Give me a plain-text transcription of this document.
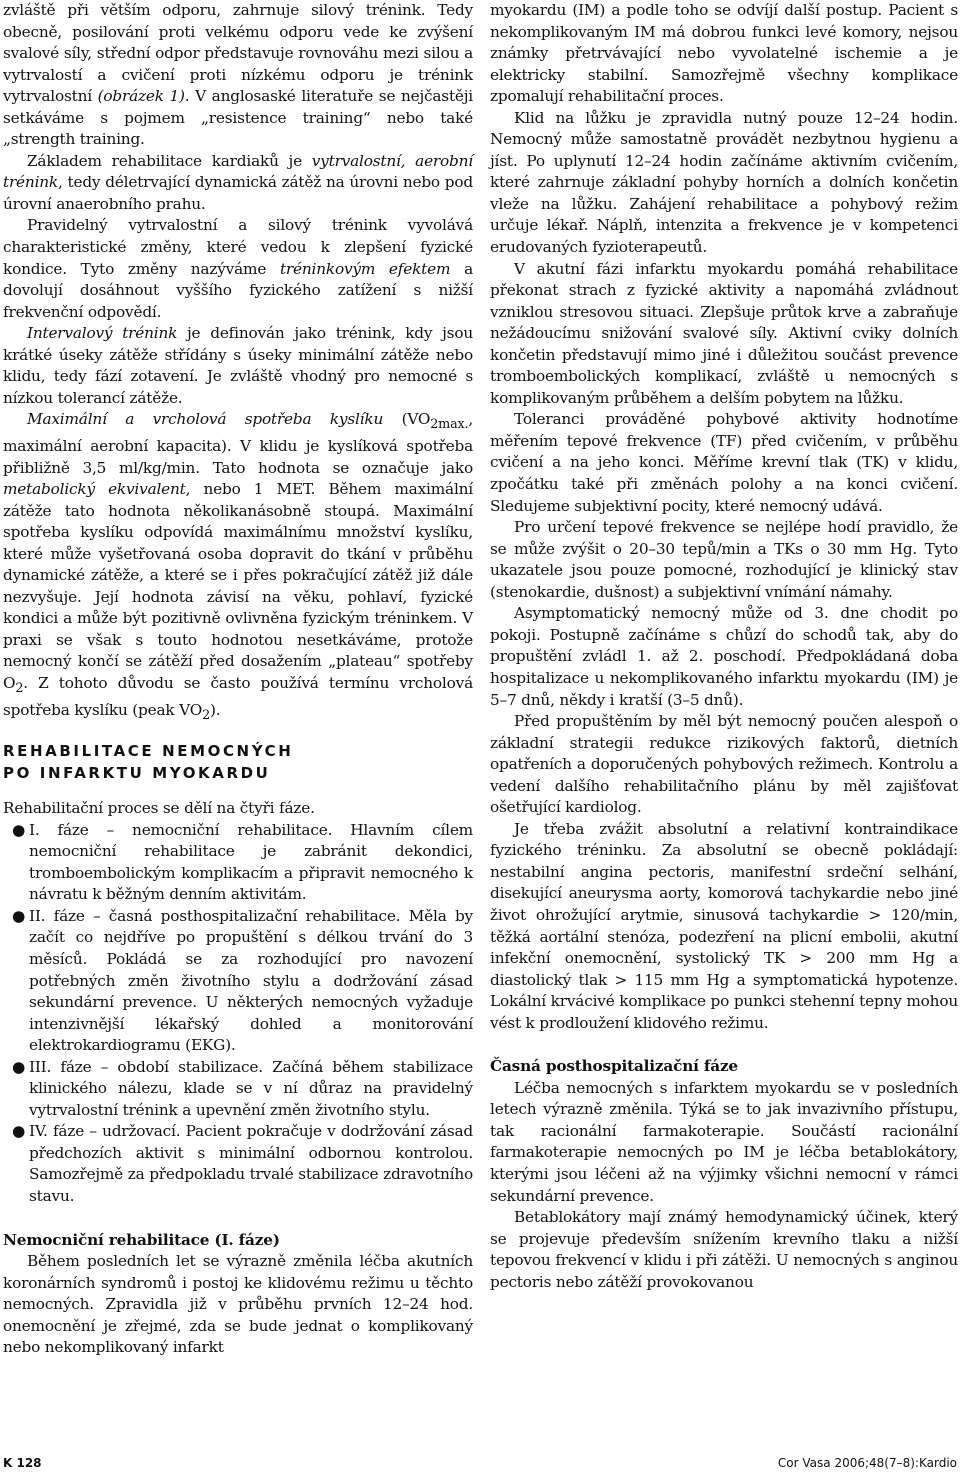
zvláště při větším odporu, zahrnuje silový trénink. Tedy obecně, posilování proti velkému odporu vede ke zvýšení svalové síly, střední odpor představuje rovnováhu mezi silou a vytrvalostí a cvičení proti nízkému odporu je trénink vytrvalostní (obrázek 1). V anglosaské literatuře se nejčastěji setkáváme s pojmem „resistence training“ nebo také „strength training.

Základem rehabilitace kardiaků je vytrvalostní, aerobní trénink, tedy déletrvající dynamická zátěž na úrovni nebo pod úrovní anaerobního prahu.

Pravidelný vytrvalostní a silový trénink vyvolává charakteristické změny, které vedou k zlepšení fyzické kondice. Tyto změny nazýváme tréninkovým efektem a dovolují dosáhnout vyššího fyzického zatížení s nižší frekvenční odpovědí.

Intervalový trénink je definován jako trénink, kdy jsou krátké úseky zátěže střídány s úseky minimální zátěže nebo klidu, tedy fází zotavení. Je zvláště vhodný pro nemocné s nízkou tolerancí zátěže.

Maximální a vrcholová spotřeba kyslíku ($VO_{2max.}$, maximální aerobní kapacita). V klidu je kyslíková spotřeba přibližně 3,5 ml/kg/min. Tato hodnota se označuje jako metabolický ekvivalent, nebo 1 MET. Během maximální zátěže tato hodnota několikanásobně stoupá. Maximální spotřeba kyslíku odpovídá maximálnímu množství kyslíku, které může vyšetřovaná osoba dopravit do tkání v průběhu dynamické zátěže, a které se i přes pokračující zátěž již dále nezvyšuje. Její hodnota závisí na věku, pohlaví, fyzické kondici a může být pozitivně ovlivněna fyzickým tréninkem. V praxi se však s touto hodnotou nesetkáváme, protože nemocný končí se zátěží před dosažením „plateau“ spotřeby $O_2$. Z tohoto důvodu se často používá termínu vrcholová spotřeba kyslíku (peak $VO_2$).

REHABILITACE NEMOCNÝCH
PO INFARKTU MYOKARDU

Rehabilitační proces se dělí na čtyři fáze.

● I. fáze – nemocniční rehabilitace. Hlavním cílem nemocniční rehabilitace je zabránit dekondici, tromboembolickým komplikacím a připravit nemocného k návratu k běžným denním aktivitám.
● II. fáze – časná posthospitalizační rehabilitace. Měla by začít co nejdříve po propuštění s délkou trvání do 3 měsíců. Pokládá se za rozhodující pro navození potřebných změn životního stylu a dodržování zásad sekundární prevence. U některých nemocných vyžaduje intenzivnější lékařský dohled a monitorování elektrokardiogramu (EKG).
● III. fáze – období stabilizace. Začíná během stabilizace klinického nálezu, klade se v ní důraz na pravidelný vytrvalostní trénink a upevnění změn životního stylu.
● IV. fáze – udržovací. Pacient pokračuje v dodržování zásad předchozích aktivit s minimální odbornou kontrolou. Samozřejmě za předpokladu trvalé stabilizace zdravotního stavu.

Nemocniční rehabilitace (I. fáze)

Během posledních let se výrazně změnila léčba akutních koronárních syndromů i postoj ke klidovému režimu u těchto nemocných. Zpravidla již v průběhu prvních 12–24 hod. onemocnění je zřejmé, zda se bude jednat o komplikovaný nebo nekomplikovaný infarkt

myokardu (IM) a podle toho se odvíjí další postup. Pacient s nekomplikovaným IM má dobrou funkci levé komory, nejsou známky přetrvávající nebo vyvolatelné ischemie a je elektricky stabilní. Samozřejmě všechny komplikace zpomalují rehabilitační proces.

Klid na lůžku je zpravidla nutný pouze 12–24 hodin. Nemocný může samostatně provádět nezbytnou hygienu a jíst. Po uplynutí 12–24 hodin začínáme aktivním cvičením, které zahrnuje základní pohyby horních a dolních končetin vleže na lůžku. Zahájení rehabilitace a pohybový režim určuje lékař. Náplň, intenzita a frekvence je v kompetenci erudovaných fyzioterapeutů.

V akutní fázi infarktu myokardu pomáhá rehabilitace překonat strach z fyzické aktivity a napomáhá zvládnout vzniklou stresovou situaci. Zlepšuje průtok krve a zabraňuje nežádoucímu snižování svalové síly. Aktivní cviky dolních končetin představují mimo jiné i důležitou součást prevence tromboembolických komplikací, zvláště u nemocných s komplikovaným průběhem a delším pobytem na lůžku.

Toleranci prováděné pohybové aktivity hodnotíme měřením tepové frekvence (TF) před cvičením, v průběhu cvičení a na jeho konci. Měříme krevní tlak (TK) v klidu, zpočátku také při změnách polohy a na konci cvičení. Sledujeme subjektivní pocity, které nemocný udává.

Pro určení tepové frekvence se nejlépe hodí pravidlo, že se může zvýšit o 20–30 tepů/min a TKs o 30 mm Hg. Tyto ukazatele jsou pouze pomocné, rozhodující je klinický stav (stenokardie, dušnost) a subjektivní vnímání námahy.

Asymptomatický nemocný může od 3. dne chodit po pokoji. Postupně začínáme s chůzí do schodů tak, aby do propuštění zvládl 1. až 2. poschodí. Předpokládaná doba hospitalizace u nekomplikovaného infarktu myokardu (IM) je 5–7 dnů, někdy i kratší (3–5 dnů).

Před propuštěním by měl být nemocný poučen alespoň o základní strategii redukce rizikových faktorů, dietních opatřeních a doporučených pohybových režimech. Kontrolu a vedení dalšího rehabilitačního plánu by měl zajišťovat ošetřující kardiolog.

Je třeba zvážit absolutní a relativní kontraindikace fyzického tréninku. Za absolutní se obecně pokládají: nestabilní angina pectoris, manifestní srdeční selhání, disekující aneurysma aorty, komorová tachykardie nebo jiné život ohrožující arytmie, sinusová tachykardie > 120/min, těžká aortální stenóza, podezření na plicní embolii, akutní infekční onemocnění, systolický TK > 200 mm Hg a diastolický tlak > 115 mm Hg a symptomatická hypotenze. Lokální krvácivé komplikace po punkci stehenní tepny mohou vést k prodloužení klidového režimu.

Časná posthospitalizační fáze

Léčba nemocných s infarktem myokardu se v posledních letech výrazně změnila. Týká se to jak invazivního přístupu, tak racionální farmakoterapie. Součástí racionální farmakoterapie nemocných po IM je léčba betablokátory, kterými jsou léčeni až na výjimky všichni nemocní v rámci sekundární prevence.

Betablokátory mají známý hemodynamický účinek, který se projevuje především snížením krevního tlaku a nižší tepovou frekvencí v klidu i při zátěži. U nemocných s anginou pectoris nebo zátěží provokovanou

K 128	Cor Vasa 2006;48(7–8):Kardio
